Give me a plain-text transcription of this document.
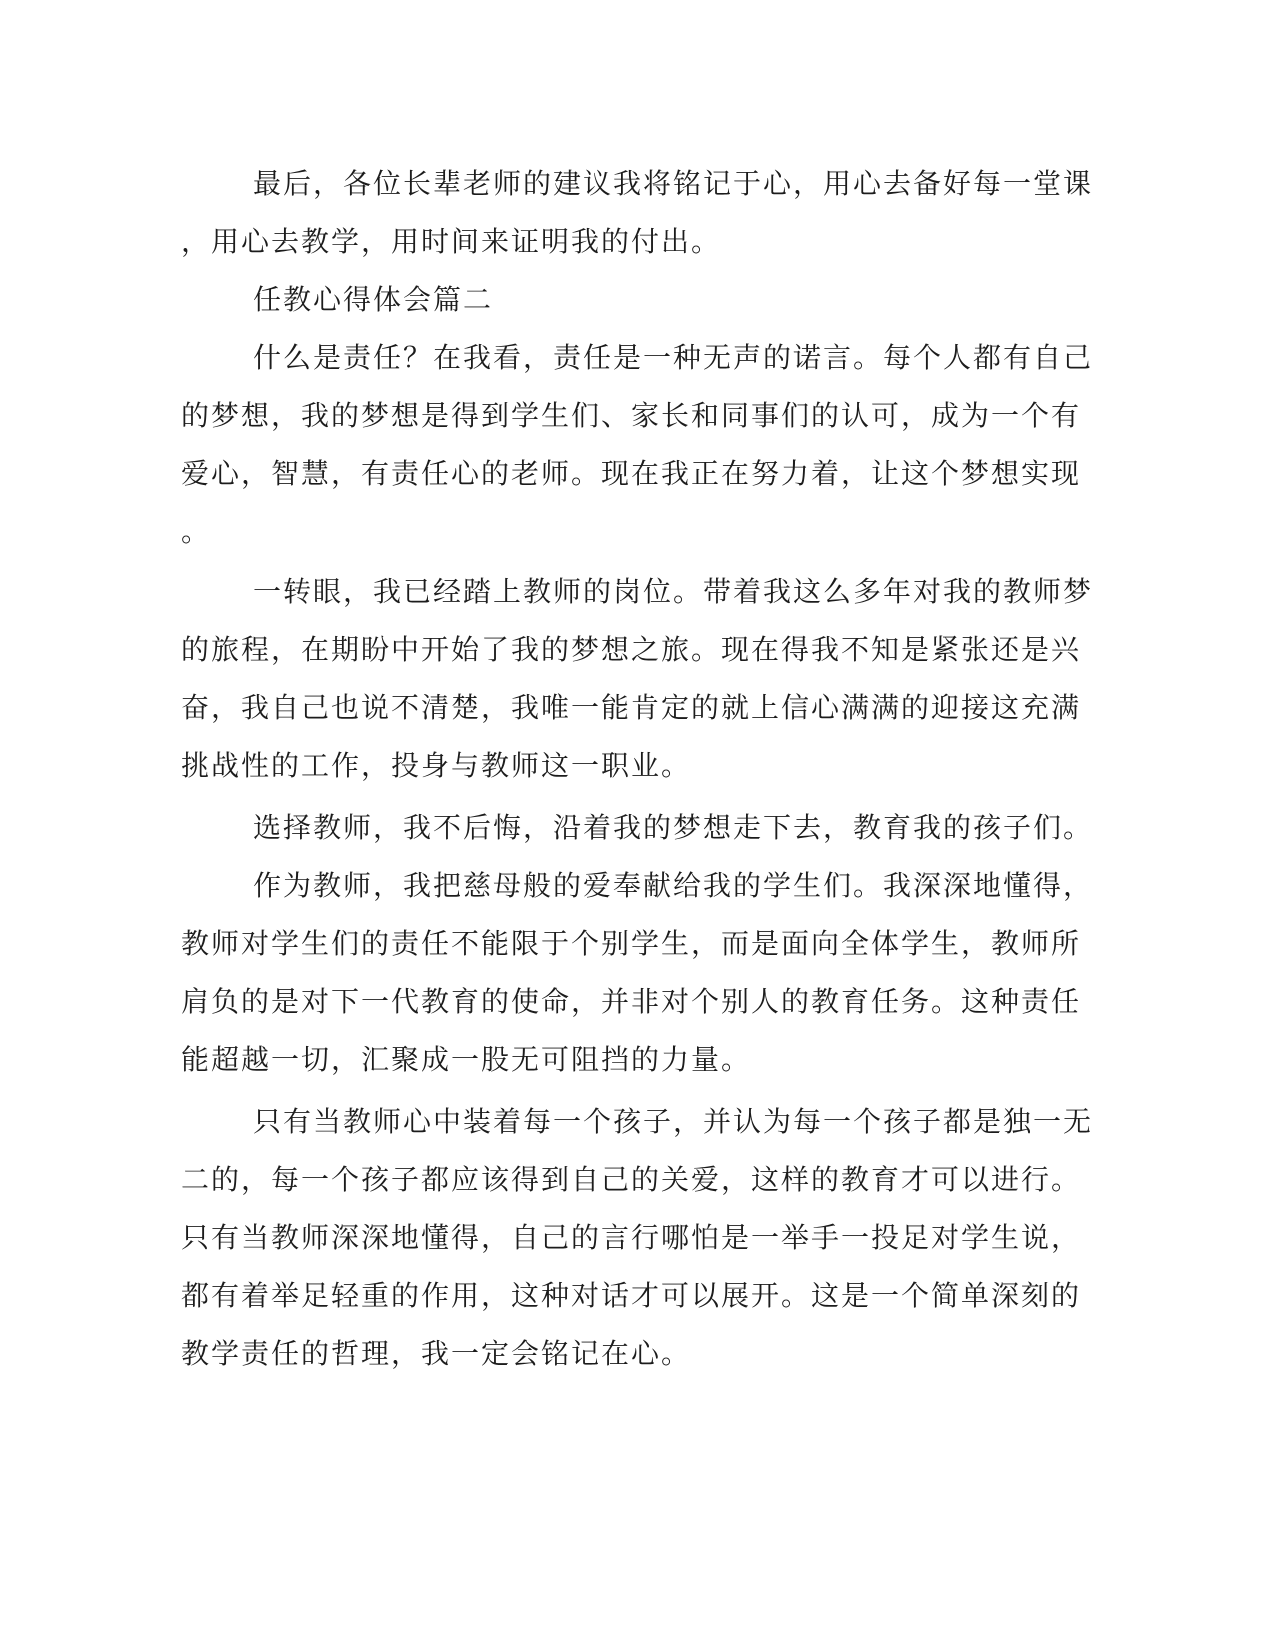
最后，各位长辈老师的建议我将铭记于心，用心去备好每一堂课
，用心去教学，用时间来证明我的付出。
任教心得体会篇二
什么是责任？在我看，责任是一种无声的诺言。每个人都有自己
的梦想，我的梦想是得到学生们、家长和同事们的认可，成为一个有
爱心，智慧，有责任心的老师。现在我正在努力着，让这个梦想实现
。
一转眼，我已经踏上教师的岗位。带着我这么多年对我的教师梦
的旅程，在期盼中开始了我的梦想之旅。现在得我不知是紧张还是兴
奋，我自己也说不清楚，我唯一能肯定的就上信心满满的迎接这充满
挑战性的工作，投身与教师这一职业。
选择教师，我不后悔，沿着我的梦想走下去，教育我的孩子们。
作为教师，我把慈母般的爱奉献给我的学生们。我深深地懂得，
教师对学生们的责任不能限于个别学生，而是面向全体学生，教师所
肩负的是对下一代教育的使命，并非对个别人的教育任务。这种责任
能超越一切，汇聚成一股无可阻挡的力量。
只有当教师心中装着每一个孩子，并认为每一个孩子都是独一无
二的，每一个孩子都应该得到自己的关爱，这样的教育才可以进行。
只有当教师深深地懂得，自己的言行哪怕是一举手一投足对学生说，
都有着举足轻重的作用，这种对话才可以展开。这是一个简单深刻的
教学责任的哲理，我一定会铭记在心。
